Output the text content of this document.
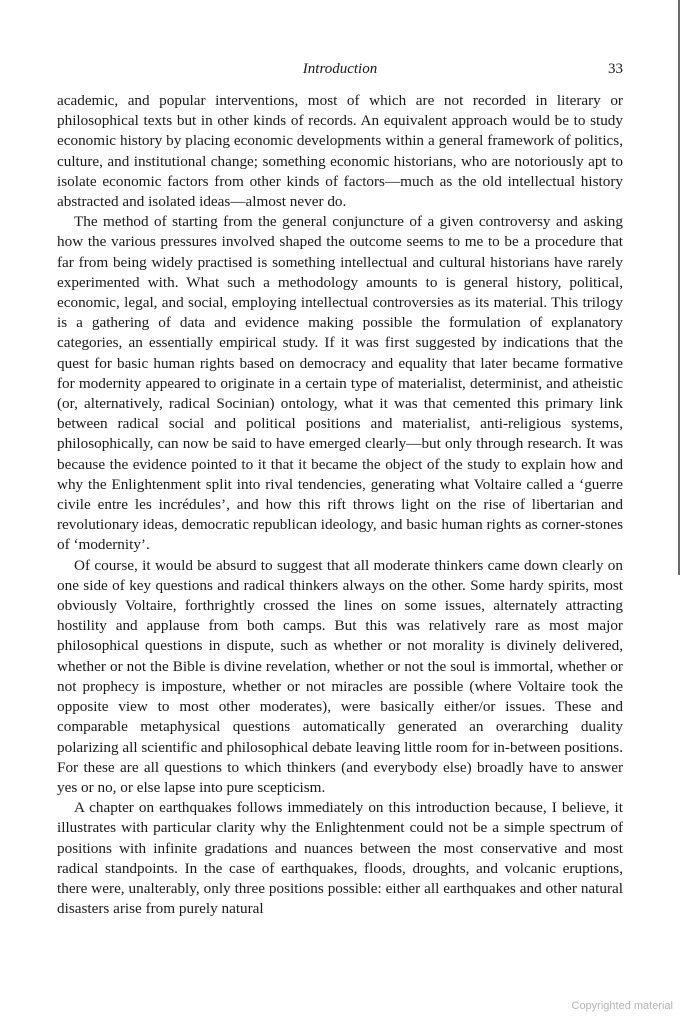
Introduction	33

academic, and popular interventions, most of which are not recorded in literary or philosophical texts but in other kinds of records. An equivalent approach would be to study economic history by placing economic developments within a general framework of politics, culture, and institutional change; something economic historians, who are notoriously apt to isolate economic factors from other kinds of factors—much as the old intellectual history abstracted and isolated ideas—almost never do.

The method of starting from the general conjuncture of a given controversy and asking how the various pressures involved shaped the outcome seems to me to be a procedure that far from being widely practised is something intellectual and cultural historians have rarely experimented with. What such a methodology amounts to is general history, political, economic, legal, and social, employing intellectual controversies as its material. This trilogy is a gathering of data and evidence making possible the formulation of explanatory categories, an essentially empirical study. If it was first suggested by indications that the quest for basic human rights based on democracy and equality that later became formative for modernity appeared to originate in a certain type of materialist, determinist, and atheistic (or, alternatively, radical Socinian) ontology, what it was that cemented this primary link between radical social and political positions and materialist, anti-religious systems, philosophically, can now be said to have emerged clearly—but only through research. It was because the evidence pointed to it that it became the object of the study to explain how and why the Enlightenment split into rival tendencies, generating what Voltaire called a ‘guerre civile entre les incrédules’, and how this rift throws light on the rise of libertarian and revolutionary ideas, democratic republican ideology, and basic human rights as corner-stones of ‘modernity’.

Of course, it would be absurd to suggest that all moderate thinkers came down clearly on one side of key questions and radical thinkers always on the other. Some hardy spirits, most obviously Voltaire, forthrightly crossed the lines on some issues, alternately attracting hostility and applause from both camps. But this was relatively rare as most major philosophical questions in dispute, such as whether or not morality is divinely delivered, whether or not the Bible is divine revelation, whether or not the soul is immortal, whether or not prophecy is imposture, whether or not miracles are possible (where Voltaire took the opposite view to most other moderates), were basically either/or issues. These and comparable metaphysical questions automatically generated an overarching duality polarizing all scientific and philosophical debate leaving little room for in-between positions. For these are all questions to which thinkers (and everybody else) broadly have to answer yes or no, or else lapse into pure scepticism.

A chapter on earthquakes follows immediately on this introduction because, I believe, it illustrates with particular clarity why the Enlightenment could not be a simple spectrum of positions with infinite gradations and nuances between the most conservative and most radical standpoints. In the case of earthquakes, floods, droughts, and volcanic eruptions, there were, unalterably, only three positions possible: either all earthquakes and other natural disasters arise from purely natural

Copyrighted material
